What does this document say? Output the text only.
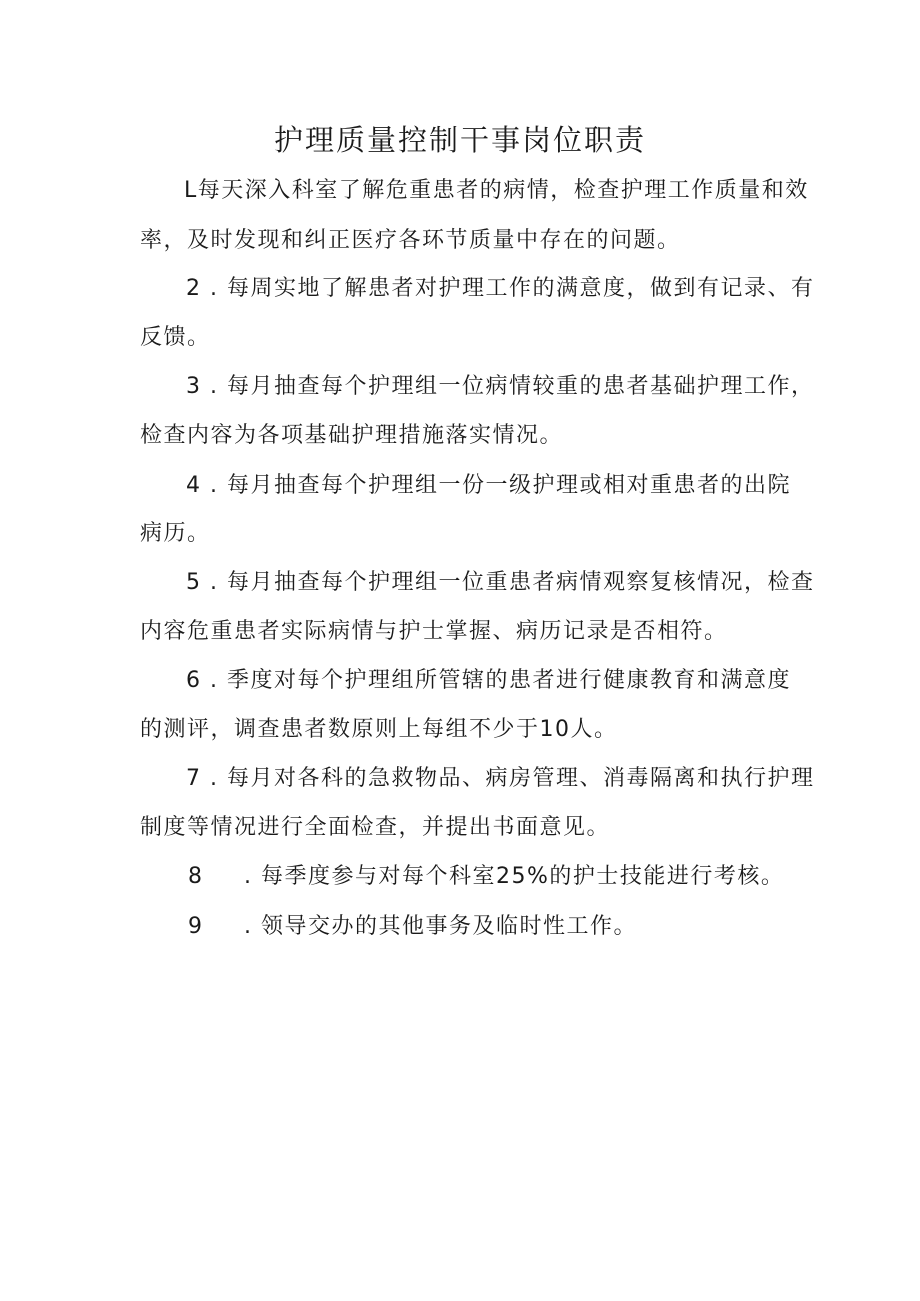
护理质量控制干事岗位职责
L每天深入科室了解危重患者的病情，检查护理工作质量和效
率，及时发现和纠正医疗各环节质量中存在的问题。
2 . 每周实地了解患者对护理工作的满意度，做到有记录、有
反馈。
3 . 每月抽查每个护理组一位病情较重的患者基础护理工作，
检查内容为各项基础护理措施落实情况。
4 . 每月抽查每个护理组一份一级护理或相对重患者的出院
病历。
5 . 每月抽查每个护理组一位重患者病情观察复核情况，检查
内容危重患者实际病情与护士掌握、病历记录是否相符。
6 . 季度对每个护理组所管辖的患者进行健康教育和满意度
的测评，调查患者数原则上每组不少于10人。
7 . 每月对各科的急救物品、病房管理、消毒隔离和执行护理
制度等情况进行全面检查，并提出书面意见。
8 . 每季度参与对每个科室25%的护士技能进行考核。
9 . 领导交办的其他事务及临时性工作。
